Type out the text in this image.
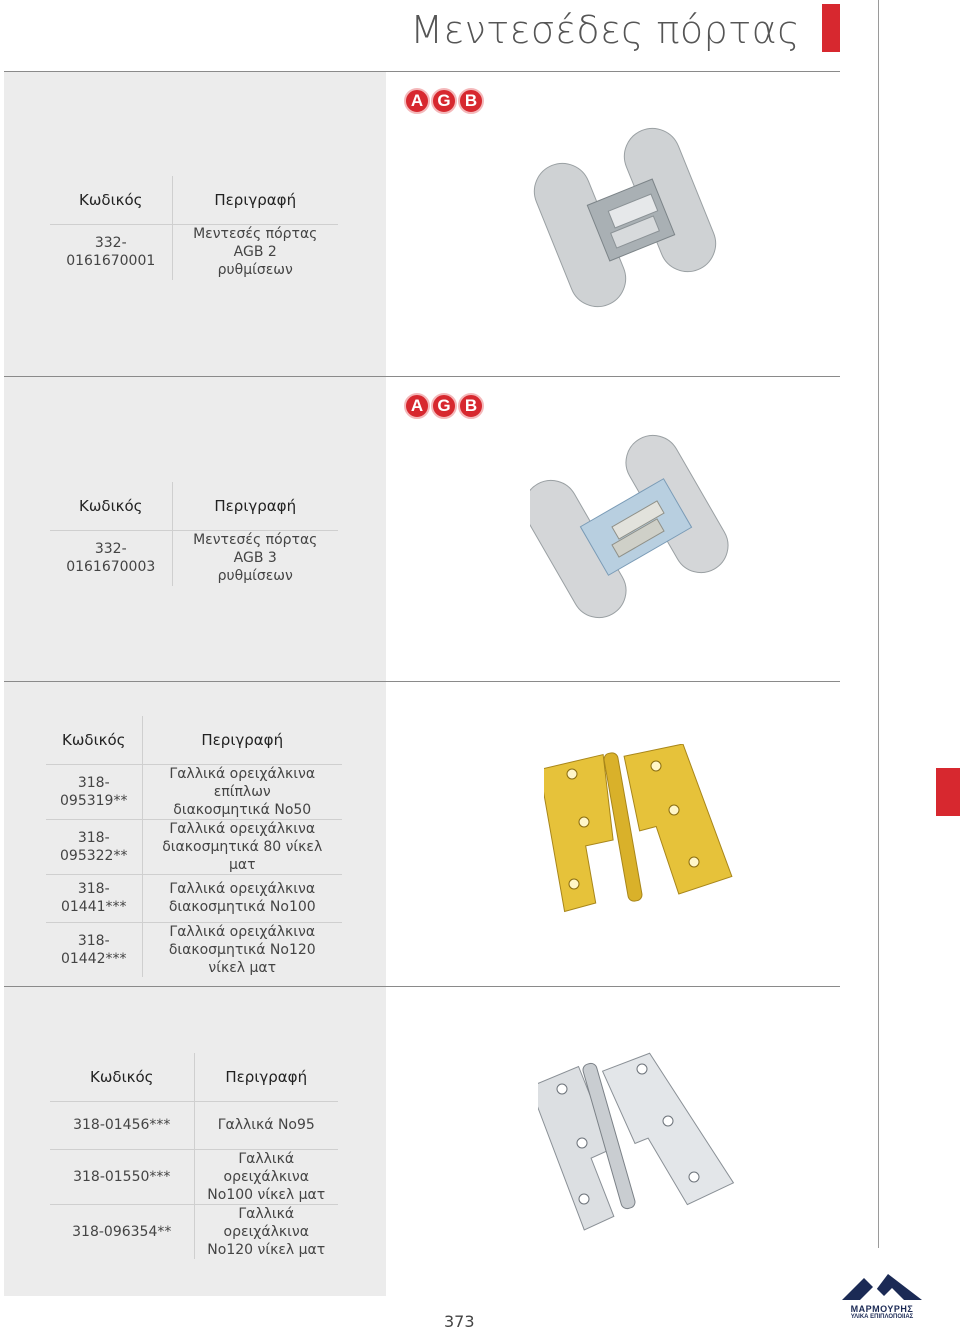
Μεντεσέδες πόρτας
Κωδικός	Περιγραφή
332-0161670001	Μεντεσές πόρτας AGB 2
ρυθμίσεων
A G B
Κωδικός	Περιγραφή
332-0161670003	Μεντεσές πόρτας AGB 3
ρυθμίσεων
A G B
Κωδικός	Περιγραφή
318-095319**	Γαλλικά ορειχάλκινα επίπλων
διακοσμητικά Νο50
318-095322**	Γαλλικά ορειχάλκινα
διακοσμητικά 80 νίκελ ματ
318-01441***	Γαλλικά ορειχάλκινα
διακοσμητικά Νο100
318-01442***	Γαλλικά ορειχάλκινα
διακοσμητικά Νο120 νίκελ ματ
Κωδικός	Περιγραφή
318-01456***	Γαλλικά Νο95
318-01550***	Γαλλικά ορειχάλκινα
Νο100 νίκελ ματ
318-096354**	Γαλλικά ορειχάλκινα
Νο120 νίκελ ματ
373
ΜΑΡΜΟΥΡΗΣ
ΥΛΙΚΑ ΕΠΙΠΛΟΠΟΙΙΑΣ
